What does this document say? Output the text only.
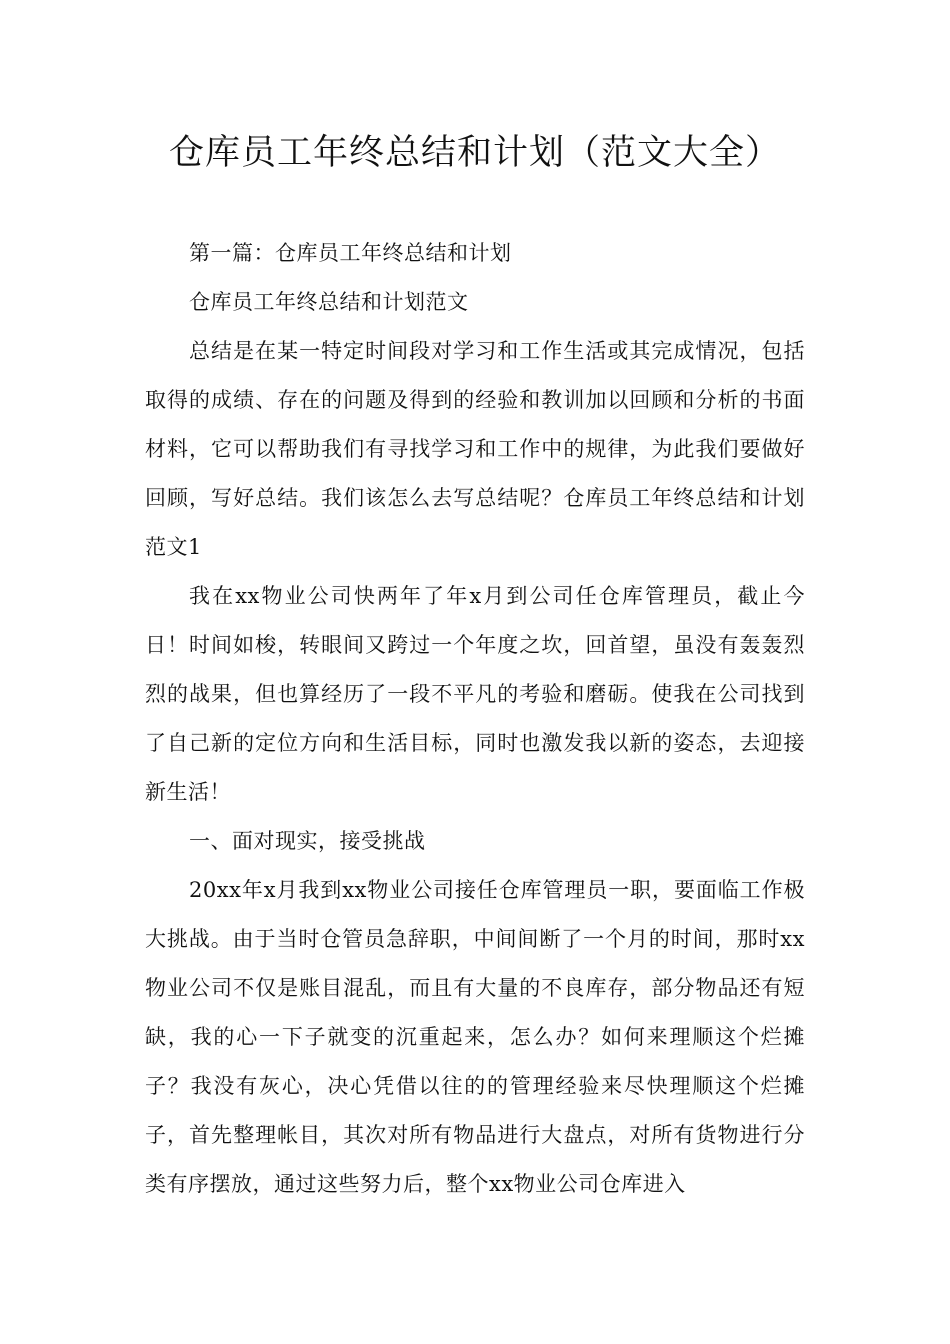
仓库员工年终总结和计划（范文大全）

第一篇：仓库员工年终总结和计划

仓库员工年终总结和计划范文

总结是在某一特定时间段对学习和工作生活或其完成情况，包括取得的成绩、存在的问题及得到的经验和教训加以回顾和分析的书面材料，它可以帮助我们有寻找学习和工作中的规律，为此我们要做好回顾，写好总结。我们该怎么去写总结呢？仓库员工年终总结和计划范文1

我在xx物业公司快两年了年x月到公司任仓库管理员，截止今日！时间如梭，转眼间又跨过一个年度之坎，回首望，虽没有轰轰烈烈的战果，但也算经历了一段不平凡的考验和磨砺。使我在公司找到了自己新的定位方向和生活目标，同时也激发我以新的姿态，去迎接新生活！

一、面对现实，接受挑战

20xx年x月我到xx物业公司接任仓库管理员一职，要面临工作极大挑战。由于当时仓管员急辞职，中间间断了一个月的时间，那时xx物业公司不仅是账目混乱，而且有大量的不良库存，部分物品还有短缺，我的心一下子就变的沉重起来，怎么办？如何来理顺这个烂摊子？我没有灰心，决心凭借以往的的管理经验来尽快理顺这个烂摊子，首先整理帐目，其次对所有物品进行大盘点，对所有货物进行分类有序摆放，通过这些努力后，整个xx物业公司仓库进入
